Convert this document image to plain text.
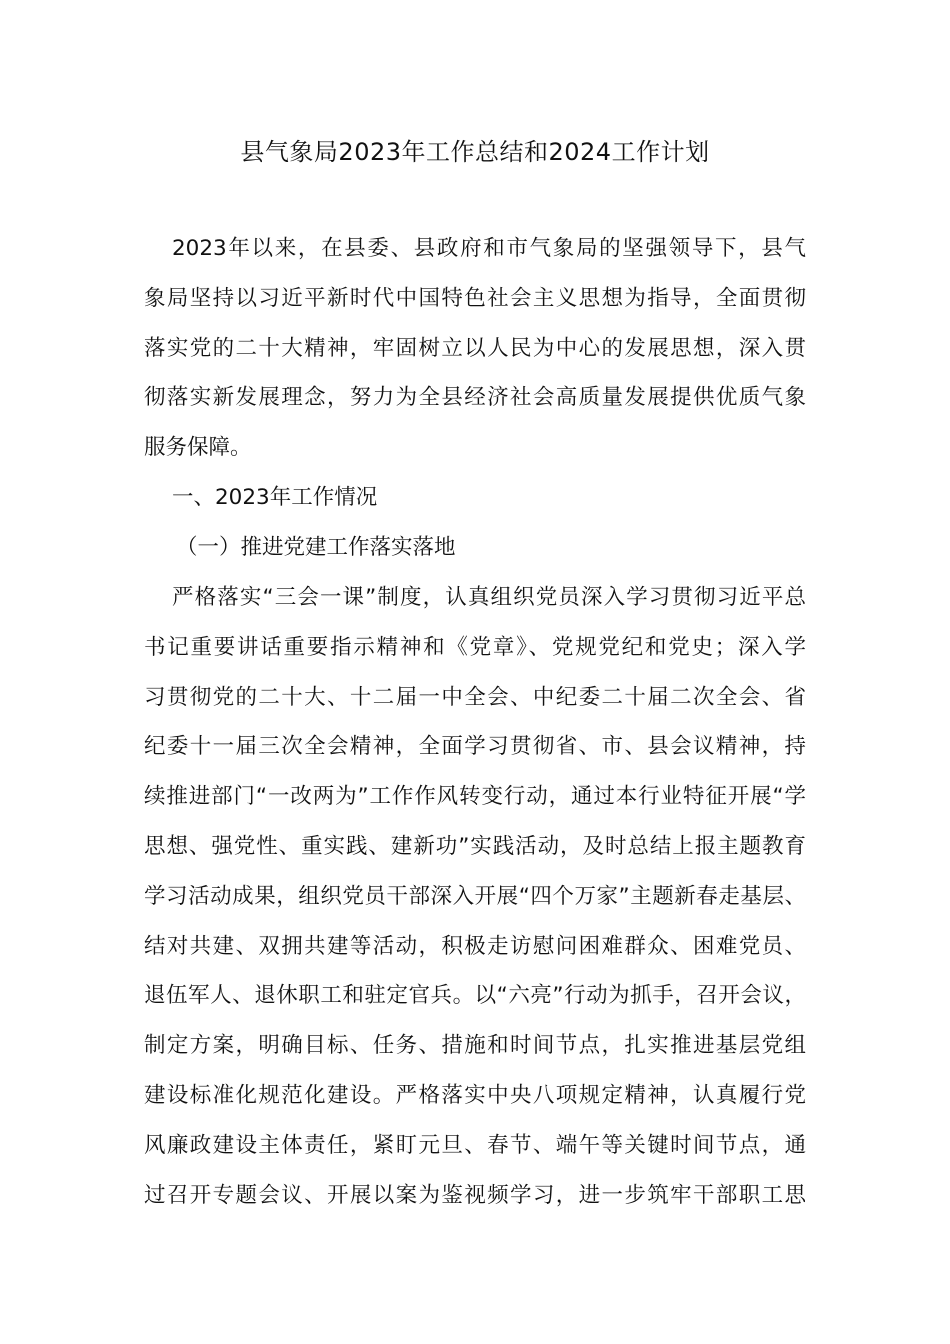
县气象局2023年工作总结和2024工作计划

2023年以来，在县委、县政府和市气象局的坚强领导下，县气

象局坚持以习近平新时代中国特色社会主义思想为指导，全面贯彻

落实党的二十大精神，牢固树立以人民为中心的发展思想，深入贯

彻落实新发展理念，努力为全县经济社会高质量发展提供优质气象

服务保障。

一、2023年工作情况

（一）推进党建工作落实落地

严格落实“三会一课”制度，认真组织党员深入学习贯彻习近平总

书记重要讲话重要指示精神和《党章》、党规党纪和党史；深入学

习贯彻党的二十大、十二届一中全会、中纪委二十届二次全会、省

纪委十一届三次全会精神，全面学习贯彻省、市、县会议精神，持

续推进部门“一改两为”工作作风转变行动，通过本行业特征开展“学

思想、强党性、重实践、建新功”实践活动，及时总结上报主题教育

学习活动成果，组织党员干部深入开展“四个万家”主题新春走基层、

结对共建、双拥共建等活动，积极走访慰问困难群众、困难党员、

退伍军人、退休职工和驻定官兵。以“六亮”行动为抓手，召开会议，

制定方案，明确目标、任务、措施和时间节点，扎实推进基层党组

建设标准化规范化建设。严格落实中央八项规定精神，认真履行党

风廉政建设主体责任，紧盯元旦、春节、端午等关键时间节点，通

过召开专题会议、开展以案为鉴视频学习，进一步筑牢干部职工思
